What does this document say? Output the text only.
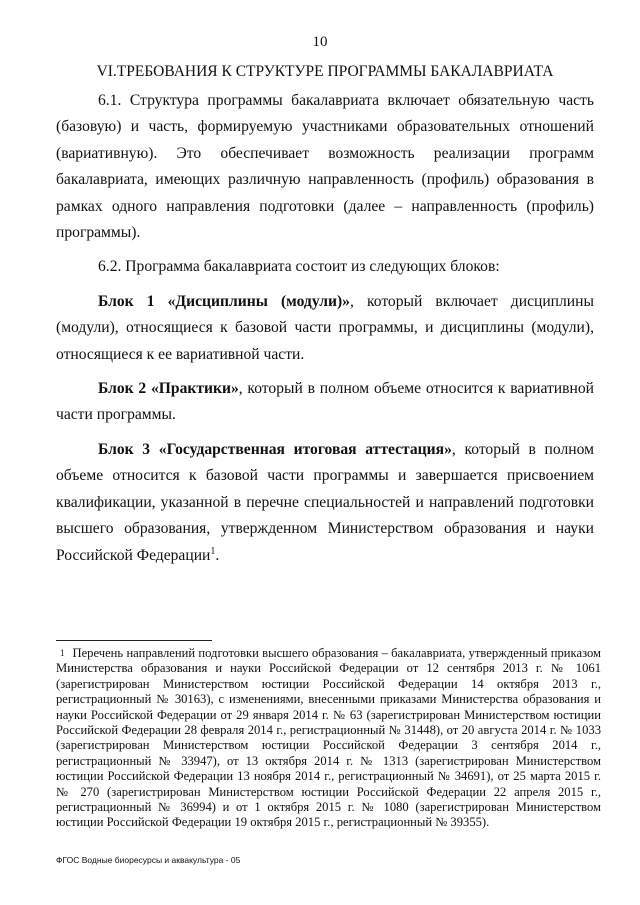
10
VI.ТРЕБОВАНИЯ К СТРУКТУРЕ ПРОГРАММЫ БАКАЛАВРИАТА

6.1. Структура программы бакалавриата включает обязательную часть (базовую) и часть, формируемую участниками образовательных отношений (вариативную). Это обеспечивает возможность реализации программ бакалавриата, имеющих различную направленность (профиль) образования в рамках одного направления подготовки (далее – направленность (профиль) программы).

6.2. Программа бакалавриата состоит из следующих блоков:

Блок 1 «Дисциплины (модули)», который включает дисциплины (модули), относящиеся к базовой части программы, и дисциплины (модули), относящиеся к ее вариативной части.

Блок 2 «Практики», который в полном объеме относится к вариативной части программы.

Блок 3 «Государственная итоговая аттестация», который в полном объеме относится к базовой части программы и завершается присвоением квалификации, указанной в перечне специальностей и направлений подготовки высшего образования, утвержденном Министерством образования и науки Российской Федерации$^1$.

$^1$ Перечень направлений подготовки высшего образования – бакалавриата, утвержденный приказом Министерства образования и науки Российской Федерации от 12 сентября 2013 г. № 1061 (зарегистрирован Министерством юстиции Российской Федерации 14 октября 2013 г., регистрационный № 30163), с изменениями, внесенными приказами Министерства образования и науки Российской Федерации от 29 января 2014 г. № 63 (зарегистрирован Министерством юстиции Российской Федерации 28 февраля 2014 г., регистрационный № 31448), от 20 августа 2014 г. № 1033 (зарегистрирован Министерством юстиции Российской Федерации 3 сентября 2014 г., регистрационный № 33947), от 13 октября 2014 г. № 1313 (зарегистрирован Министерством юстиции Российской Федерации 13 ноября 2014 г., регистрационный № 34691), от 25 марта 2015 г. № 270 (зарегистрирован Министерством юстиции Российской Федерации 22 апреля 2015 г., регистрационный № 36994) и от 1 октября 2015 г. № 1080 (зарегистрирован Министерством юстиции Российской Федерации 19 октября 2015 г., регистрационный № 39355).
ФГОС Водные биоресурсы и аквакультура - 05
